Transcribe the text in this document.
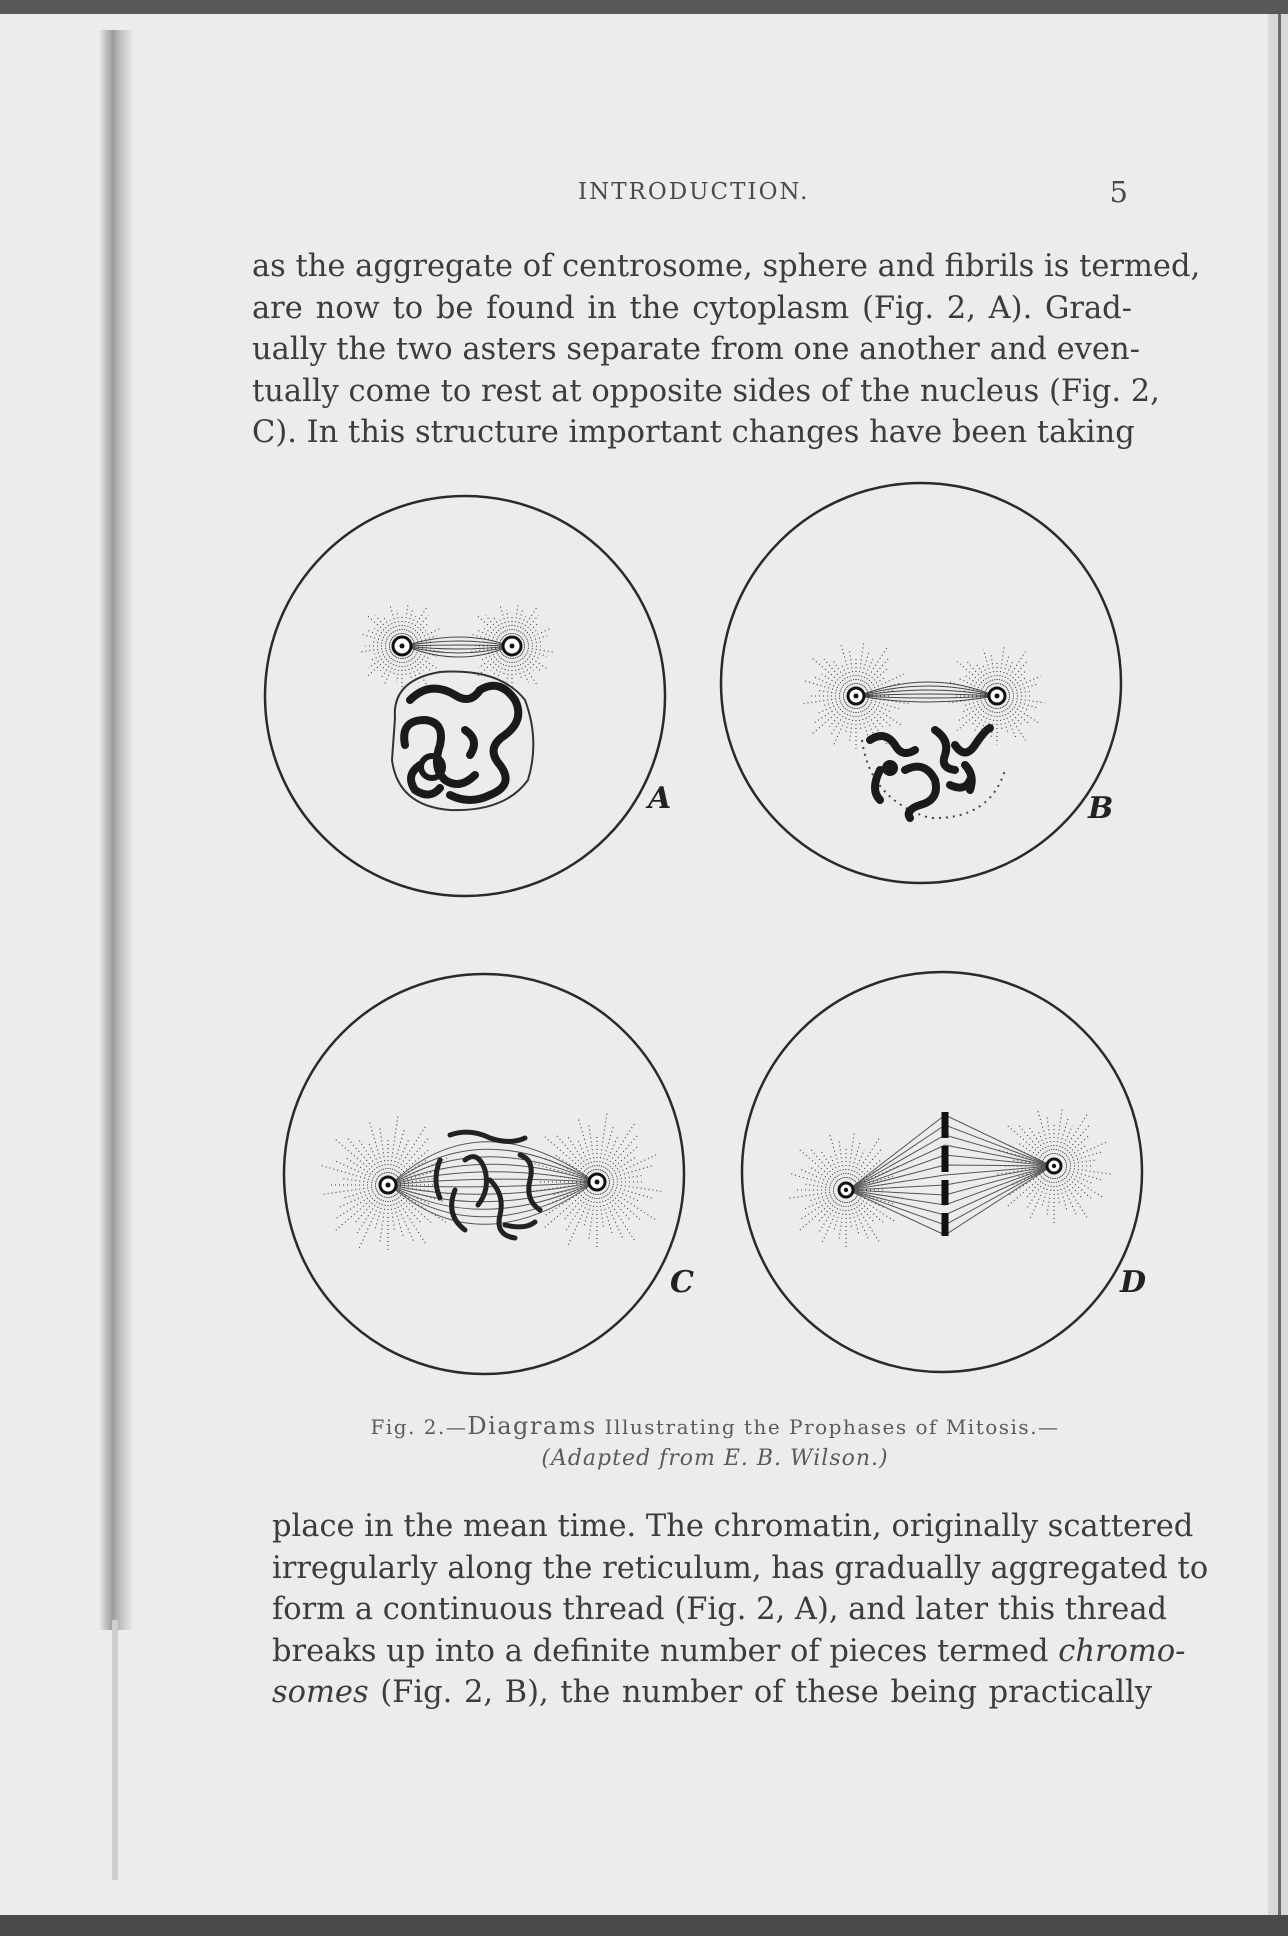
INTRODUCTION.	5
as the aggregate of centrosome, sphere and fibrils is termed,
are now to be found in the cytoplasm (Fig. 2, A). Grad-
ually the two asters separate from one another and even-
tually come to rest at opposite sides of the nucleus (Fig. 2,
C). In this structure important changes have been taking
A	B
C	D
Fig. 2.—Diagrams Illustrating the Prophases of Mitosis.—
(Adapted from E. B. Wilson.)
place in the mean time. The chromatin, originally scattered
irregularly along the reticulum, has gradually aggregated to
form a continuous thread (Fig. 2, A), and later this thread
breaks up into a definite number of pieces termed chromo-
somes (Fig. 2, B), the number of these being practically
